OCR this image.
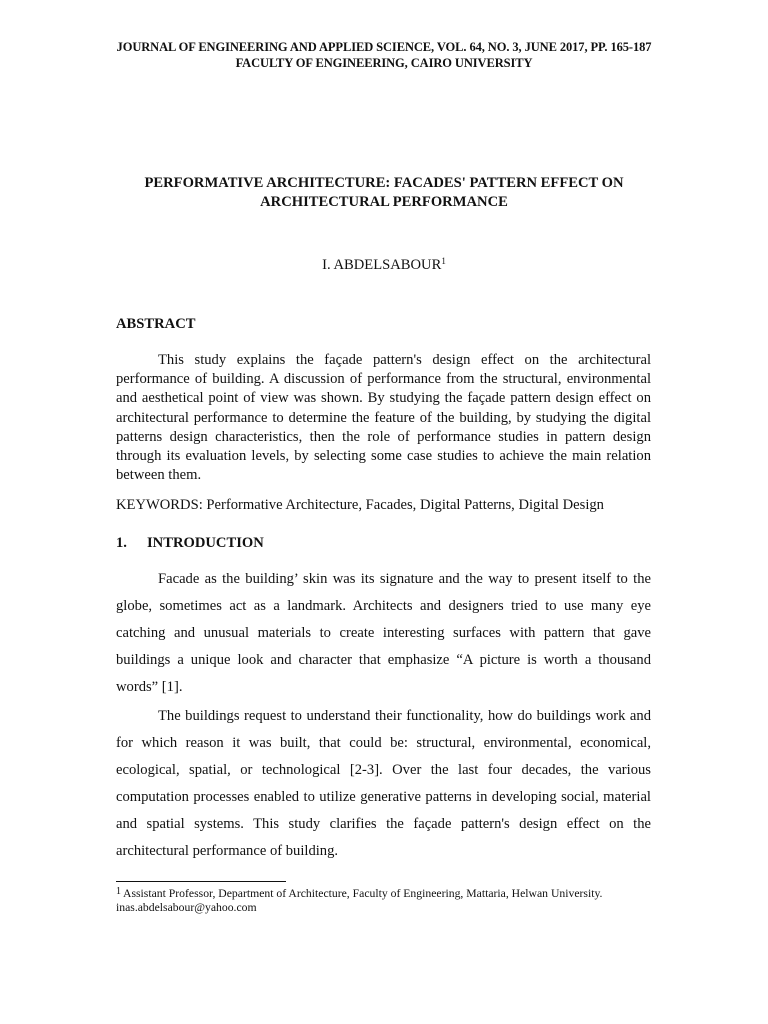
JOURNAL OF ENGINEERING AND APPLIED SCIENCE, VOL. 64, NO. 3, JUNE 2017, PP. 165-187
FACULTY OF ENGINEERING, CAIRO UNIVERSITY
PERFORMATIVE ARCHITECTURE: FACADES' PATTERN EFFECT ON
ARCHITECTURAL PERFORMANCE
I. ABDELSABOUR$^1$
ABSTRACT

This study explains the façade pattern's design effect on the architectural performance of building. A discussion of performance from the structural, environmental and aesthetical point of view was shown. By studying the façade pattern design effect on architectural performance to determine the feature of the building, by studying the digital patterns design characteristics, then the role of performance studies in pattern design through its evaluation levels, by selecting some case studies to achieve the main relation between them.

KEYWORDS: Performative Architecture, Facades, Digital Patterns, Digital Design
1. INTRODUCTION

Facade as the building’ skin was its signature and the way to present itself to the globe, sometimes act as a landmark. Architects and designers tried to use many eye catching and unusual materials to create interesting surfaces with pattern that gave buildings a unique look and character that emphasize “A picture is worth a thousand words” [1].

The buildings request to understand their functionality, how do buildings work and for which reason it was built, that could be: structural, environmental, economical, ecological, spatial, or technological [2-3]. Over the last four decades, the various computation processes enabled to utilize generative patterns in developing social, material and spatial systems. This study clarifies the façade pattern's design effect on the architectural performance of building.

$^1$ Assistant Professor, Department of Architecture, Faculty of Engineering, Mattaria, Helwan University.
inas.abdelsabour@yahoo.com
